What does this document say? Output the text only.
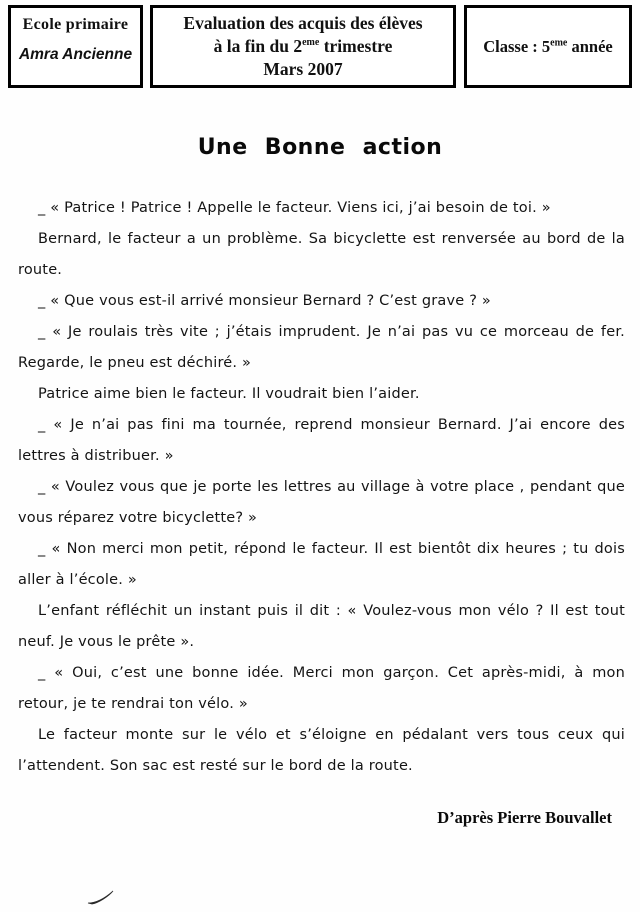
Ecole primaire
Amra Ancienne
Evaluation des acquis des élèves
à la fin du 2eme trimestre
Mars 2007
Classe : 5eme année
Une Bonne action

_ « Patrice ! Patrice ! Appelle le facteur. Viens ici, j’ai besoin de toi. »

Bernard, le facteur a un problème. Sa bicyclette est renversée au bord de la route.

_ « Que vous est-il arrivé monsieur Bernard ? C’est grave ? »

_ « Je roulais très vite ; j’étais imprudent. Je n’ai pas vu ce morceau de fer. Regarde, le pneu est déchiré. »

Patrice aime bien le facteur. Il voudrait bien l’aider.

_ « Je n’ai pas fini ma tournée, reprend monsieur Bernard. J’ai encore des lettres à distribuer. »

_ « Voulez vous que je porte les lettres au village à votre place , pendant que vous réparez votre bicyclette? »

_ « Non merci mon petit, répond le facteur. Il est bientôt dix heures ; tu dois aller à l’école. »

L’enfant réfléchit un instant puis il dit : « Voulez-vous mon vélo ? Il est tout neuf. Je vous le prête ».

_ « Oui, c’est une bonne idée. Merci mon garçon. Cet après-midi, à mon retour, je te rendrai ton vélo. »

Le facteur monte sur le vélo et s’éloigne en pédalant vers tous ceux qui l’attendent. Son sac est resté sur le bord de la route.

D’après Pierre Bouvallet
